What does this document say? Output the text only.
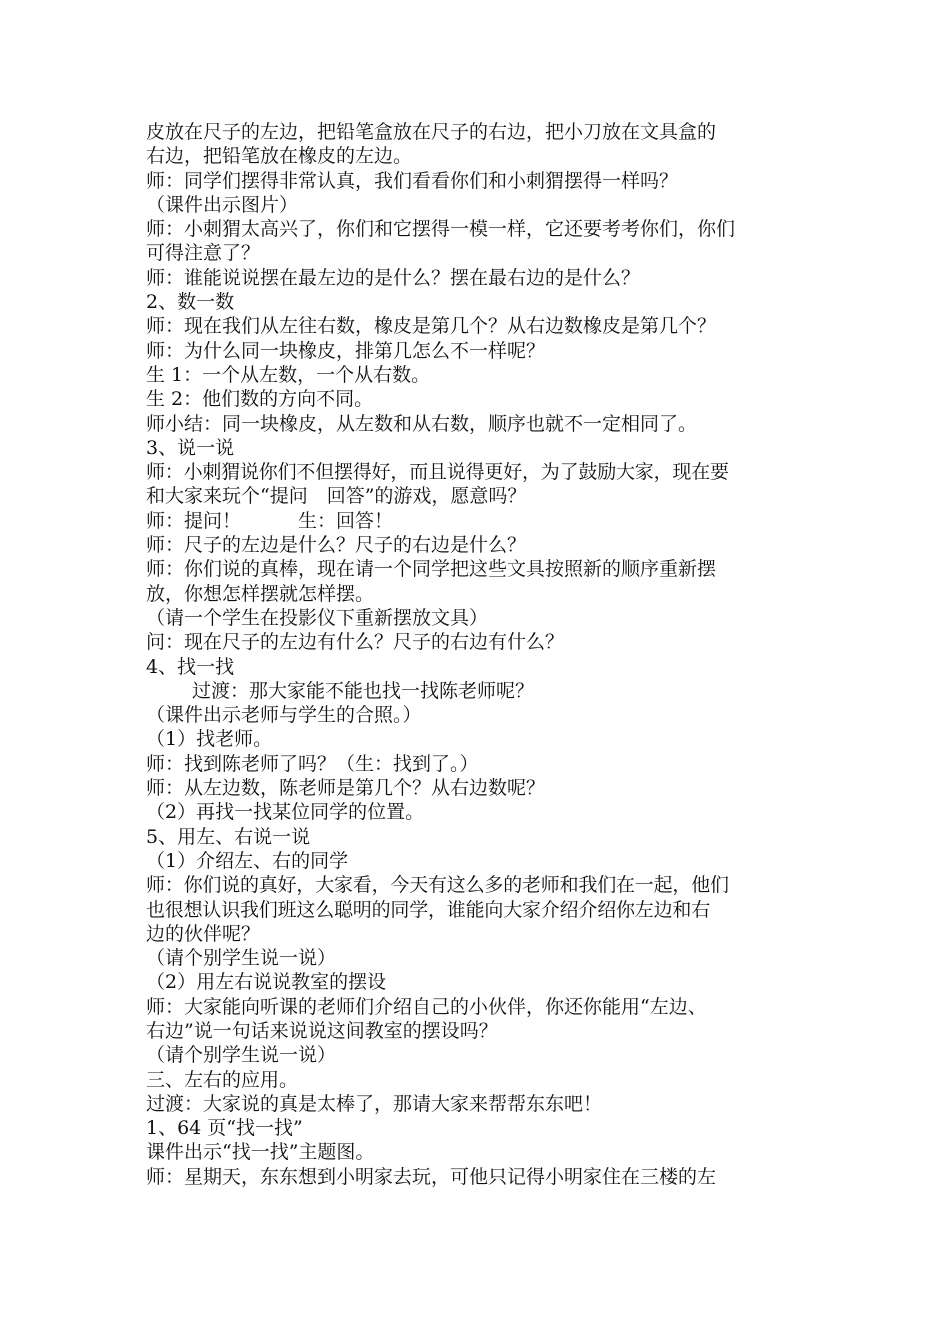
皮放在尺子的左边，把铅笔盒放在尺子的右边，把小刀放在文具盒的
右边，把铅笔放在橡皮的左边。
师：同学们摆得非常认真，我们看看你们和小刺猬摆得一样吗？
（课件出示图片）
师：小刺猬太高兴了，你们和它摆得一模一样，它还要考考你们，你们
可得注意了？
师：谁能说说摆在最左边的是什么？摆在最右边的是什么？
2、数一数
师：现在我们从左往右数，橡皮是第几个？从右边数橡皮是第几个？
师：为什么同一块橡皮，排第几怎么不一样呢？
生 1：一个从左数，一个从右数。
生 2：他们数的方向不同。
师小结：同一块橡皮，从左数和从右数，顺序也就不一定相同了。
3、说一说
师：小刺猬说你们不但摆得好，而且说得更好，为了鼓励大家，现在要
和大家来玩个“提问　回答”的游戏，愿意吗？
师：提问！　　　生：回答！
师：尺子的左边是什么？尺子的右边是什么？
师：你们说的真棒，现在请一个同学把这些文具按照新的顺序重新摆
放，你想怎样摆就怎样摆。
（请一个学生在投影仪下重新摆放文具）
问：现在尺子的左边有什么？尺子的右边有什么？
4、找一找
过渡：那大家能不能也找一找陈老师呢？
（课件出示老师与学生的合照。）
（1）找老师。
师：找到陈老师了吗？（生：找到了。）
师：从左边数，陈老师是第几个？从右边数呢？
（2）再找一找某位同学的位置。
5、用左、右说一说
（1）介绍左、右的同学
师：你们说的真好，大家看，今天有这么多的老师和我们在一起，他们
也很想认识我们班这么聪明的同学，谁能向大家介绍介绍你左边和右
边的伙伴呢？
（请个别学生说一说）
（2）用左右说说教室的摆设
师：大家能向听课的老师们介绍自己的小伙伴，你还你能用“左边、
右边”说一句话来说说这间教室的摆设吗？
（请个别学生说一说）
三、左右的应用。
过渡：大家说的真是太棒了，那请大家来帮帮东东吧！
1、64 页“找一找”
课件出示“找一找”主题图。
师：星期天，东东想到小明家去玩，可他只记得小明家住在三楼的左
